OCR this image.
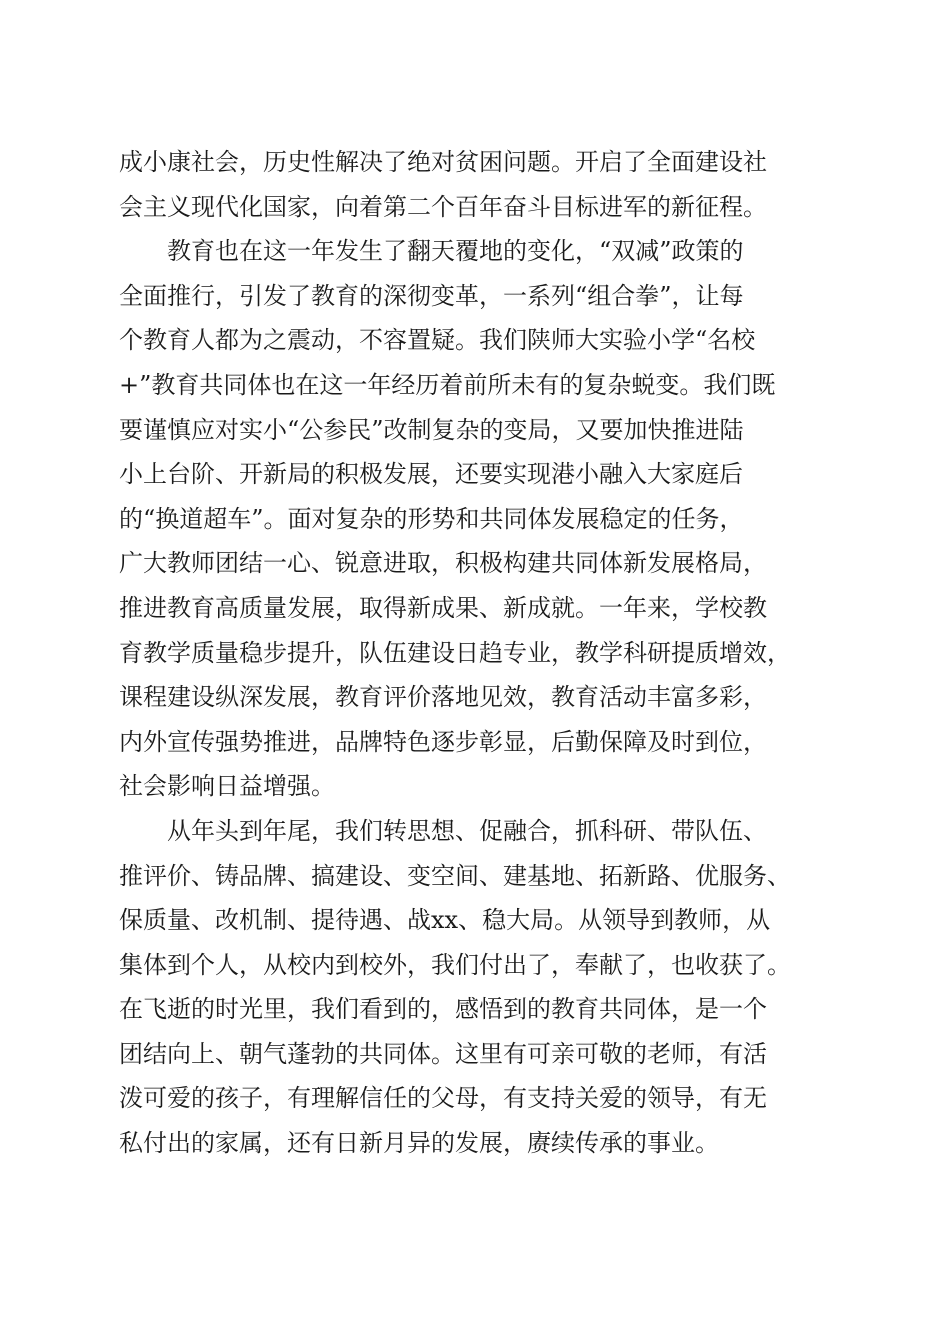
成小康社会，历史性解决了绝对贫困问题。开启了全面建设社
会主义现代化国家，向着第二个百年奋斗目标进军的新征程。
教育也在这一年发生了翻天覆地的变化，“双减”政策的
全面推行，引发了教育的深彻变革，一系列“组合拳”，让每
个教育人都为之震动，不容置疑。我们陕师大实验小学“名校
+”教育共同体也在这一年经历着前所未有的复杂蜕变。我们既
要谨慎应对实小“公参民”改制复杂的变局，又要加快推进陆
小上台阶、开新局的积极发展，还要实现港小融入大家庭后
的“换道超车”。面对复杂的形势和共同体发展稳定的任务，
广大教师团结一心、锐意进取，积极构建共同体新发展格局，
推进教育高质量发展，取得新成果、新成就。一年来，学校教
育教学质量稳步提升，队伍建设日趋专业，教学科研提质增效，
课程建设纵深发展，教育评价落地见效，教育活动丰富多彩，
内外宣传强势推进，品牌特色逐步彰显，后勤保障及时到位，
社会影响日益增强。
从年头到年尾，我们转思想、促融合，抓科研、带队伍、
推评价、铸品牌、搞建设、变空间、建基地、拓新路、优服务、
保质量、改机制、提待遇、战xx、稳大局。从领导到教师，从
集体到个人，从校内到校外，我们付出了，奉献了，也收获了。
在飞逝的时光里，我们看到的，感悟到的教育共同体，是一个
团结向上、朝气蓬勃的共同体。这里有可亲可敬的老师，有活
泼可爱的孩子，有理解信任的父母，有支持关爱的领导，有无
私付出的家属，还有日新月异的发展，赓续传承的事业。
